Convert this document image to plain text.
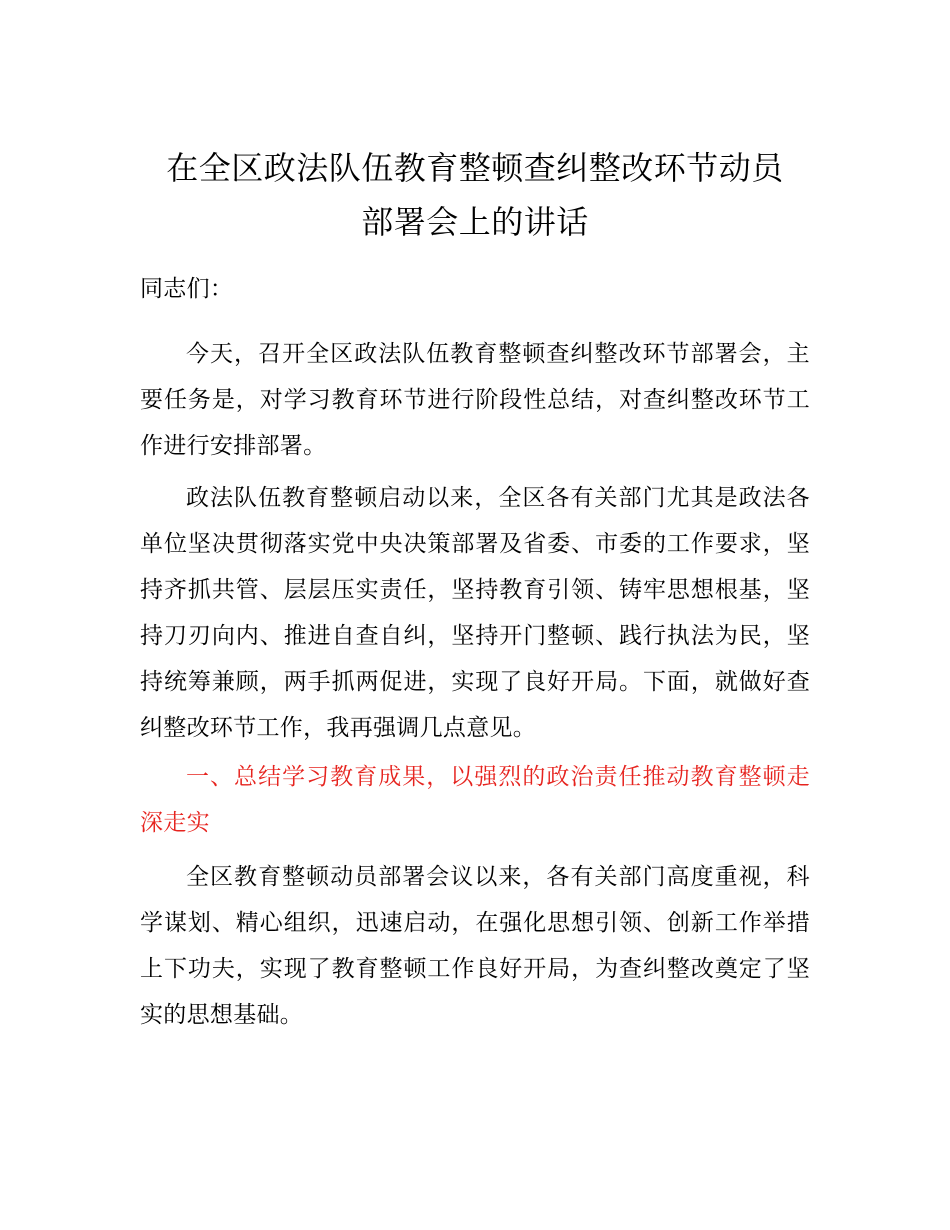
在全区政法队伍教育整顿查纠整改环节动员
部署会上的讲话

同志们：

今天，召开全区政法队伍教育整顿查纠整改环节部署会，主要任务是，对学习教育环节进行阶段性总结，对查纠整改环节工作进行安排部署。

政法队伍教育整顿启动以来，全区各有关部门尤其是政法各单位坚决贯彻落实党中央决策部署及省委、市委的工作要求，坚持齐抓共管、层层压实责任，坚持教育引领、铸牢思想根基，坚持刀刃向内、推进自查自纠，坚持开门整顿、践行执法为民，坚持统筹兼顾，两手抓两促进，实现了良好开局。下面，就做好查纠整改环节工作，我再强调几点意见。

一、总结学习教育成果，以强烈的政治责任推动教育整顿走深走实

全区教育整顿动员部署会议以来，各有关部门高度重视，科学谋划、精心组织，迅速启动，在强化思想引领、创新工作举措上下功夫，实现了教育整顿工作良好开局，为查纠整改奠定了坚实的思想基础。
